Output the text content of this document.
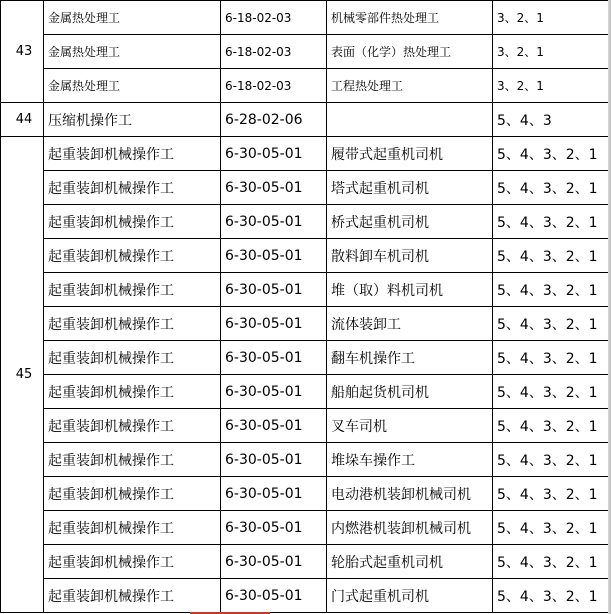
43	金属热处理工	6-18-02-03	机械零部件热处理工	3、2、1
	金属热处理工	6-18-02-03	表面（化学）热处理工	3、2、1
	金属热处理工	6-18-02-03	工程热处理工	3、2、1
44	压缩机操作工	6-28-02-06		5、4、3
45	起重装卸机械操作工	6-30-05-01	履带式起重机司机	5、4、3、2、1
	起重装卸机械操作工	6-30-05-01	塔式起重机司机	5、4、3、2、1
	起重装卸机械操作工	6-30-05-01	桥式起重机司机	5、4、3、2、1
	起重装卸机械操作工	6-30-05-01	散料卸车机司机	5、4、3、2、1
	起重装卸机械操作工	6-30-05-01	堆（取）料机司机	5、4、3、2、1
	起重装卸机械操作工	6-30-05-01	流体装卸工	5、4、3、2、1
	起重装卸机械操作工	6-30-05-01	翻车机操作工	5、4、3、2、1
	起重装卸机械操作工	6-30-05-01	船舶起货机司机	5、4、3、2、1
	起重装卸机械操作工	6-30-05-01	叉车司机	5、4、3、2、1
	起重装卸机械操作工	6-30-05-01	堆垛车操作工	5、4、3、2、1
	起重装卸机械操作工	6-30-05-01	电动港机装卸机械司机	5、4、3、2、1
	起重装卸机械操作工	6-30-05-01	内燃港机装卸机械司机	5、4、3、2、1
	起重装卸机械操作工	6-30-05-01	轮胎式起重机司机	5、4、3、2、1
	起重装卸机械操作工	6-30-05-01	门式起重机司机	5、4、3、2、1
